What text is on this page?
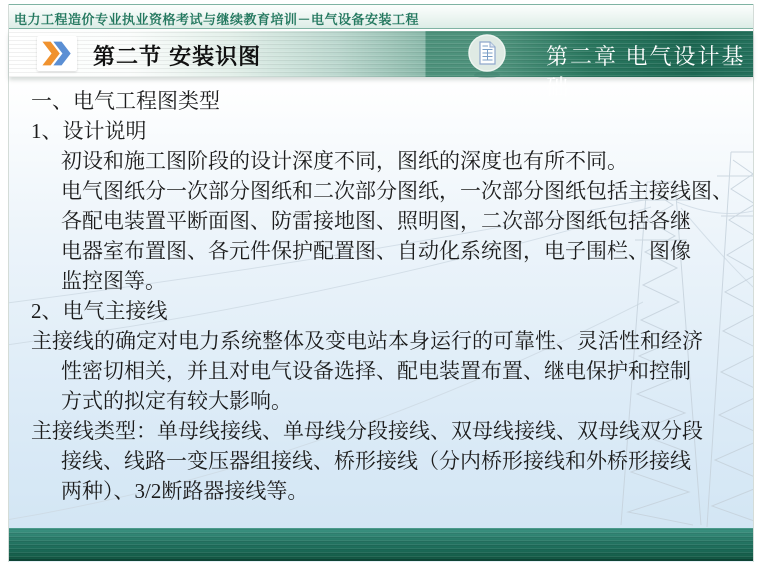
电力工程造价专业执业资格考试与继续教育培训－电气设备安装工程
第二节 安装识图	第二章 电气设计基础
一、电气工程图类型
1、设计说明
初设和施工图阶段的设计深度不同，图纸的深度也有所不同。
电气图纸分一次部分图纸和二次部分图纸，一次部分图纸包括主接线图、
各配电装置平断面图、防雷接地图、照明图，二次部分图纸包括各继
电器室布置图、各元件保护配置图、自动化系统图，电子围栏、图像
监控图等。
2、电气主接线
主接线的确定对电力系统整体及变电站本身运行的可靠性、灵活性和经济
性密切相关，并且对电气设备选择、配电装置布置、继电保护和控制
方式的拟定有较大影响。
主接线类型：单母线接线、单母线分段接线、双母线接线、双母线双分段
接线、线路一变压器组接线、桥形接线（分内桥形接线和外桥形接线
两种）、3/2断路器接线等。
